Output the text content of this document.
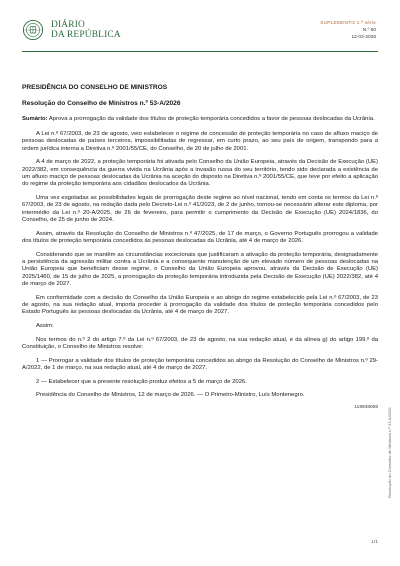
DIÁRIO
DA REPÚBLICA
SUPLEMENTO 1.ª série
N.º 50
12-03-2026
PRESIDÊNCIA DO CONSELHO DE MINISTROS
Resolução do Conselho de Ministros n.º 53-A/2026
Sumário: Aprova a prorrogação da validade dos títulos de proteção temporária concedidos a favor de pessoas deslocadas da Ucrânia.

A Lei n.º 67/2003, de 23 de agosto, veio estabelecer o regime de concessão de proteção temporária no caso de afluxo maciço de pessoas deslocadas de países terceiros, impossibilitadas de regressar, em curto prazo, ao seu país de origem, transpondo para a ordem jurídica interna a Diretiva n.º 2001/55/CE, do Conselho, de 20 de julho de 2001.

A 4 de março de 2022, a proteção temporária foi ativada pelo Conselho da União Europeia, através da Decisão de Execução (UE) 2022/382, em consequência da guerra vivida na Ucrânia após a invasão russa do seu território, tendo sido declarada a existência de um afluxo maciço de pessoas deslocadas da Ucrânia na aceção do disposto na Diretiva n.º 2001/55/CE, que teve por efeito a aplicação do regime da proteção temporária aos cidadãos deslocados da Ucrânia.

Uma vez esgotadas as possibilidades legais de prorrogação deste regime ao nível nacional, tendo em conta os termos da Lei n.º 67/2003, de 23 de agosto, na redação dada pelo Decreto-Lei n.º 41/2023, de 2 de junho, tornou-se necessário alterar este diploma, por intermédio da Lei n.º 20-A/2025, de 26 de fevereiro, para permitir o cumprimento da Decisão de Execução (UE) 2024/1836, do Conselho, de 25 de junho de 2024.

Assim, através da Resolução do Conselho de Ministros n.º 47/2025, de 17 de março, o Governo Português prorrogou a validade dos títulos de proteção temporária concedidos às pessoas deslocadas da Ucrânia, até 4 de março de 2026.

Considerando que se mantêm as circunstâncias excecionais que justificaram a ativação da proteção temporária, designadamente a persistência da agressão militar contra a Ucrânia e a consequente manutenção de um elevado número de pessoas deslocadas na União Europeia que beneficiam desse regime, o Conselho da União Europeia aprovou, através da Decisão de Execução (UE) 2025/1460, de 15 de julho de 2025, a prorrogação da proteção temporária introduzida pela Decisão de Execução (UE) 2022/382, até 4 de março de 2027.

Em conformidade com a decisão do Conselho da União Europeia e ao abrigo do regime estabelecido pela Lei n.º 67/2003, de 23 de agosto, na sua redação atual, importa proceder à prorrogação da validade dos títulos de proteção temporária concedidos pelo Estado Português às pessoas deslocadas da Ucrânia, até 4 de março de 2027.

Assim:

Nos termos do n.º 2 do artigo 7.º da Lei n.º 67/2003, de 23 de agosto, na sua redação atual, e da alínea g) do artigo 199.º da Constituição, o Conselho de Ministros resolve:

1 — Prorrogar a validade dos títulos de proteção temporária concedidos ao abrigo da Resolução do Conselho de Ministros n.º 29-A/2022, de 1 de março, na sua redação atual, até 4 de março de 2027.

2 — Estabelecer que a presente resolução produz efeitos a 5 de março de 2026.

Presidência do Conselho de Ministros, 12 de março de 2026. — O Primeiro-Ministro, Luís Montenegro.

119948006
Resolução do Conselho de Ministros n.º 53-A/2026
1/1
